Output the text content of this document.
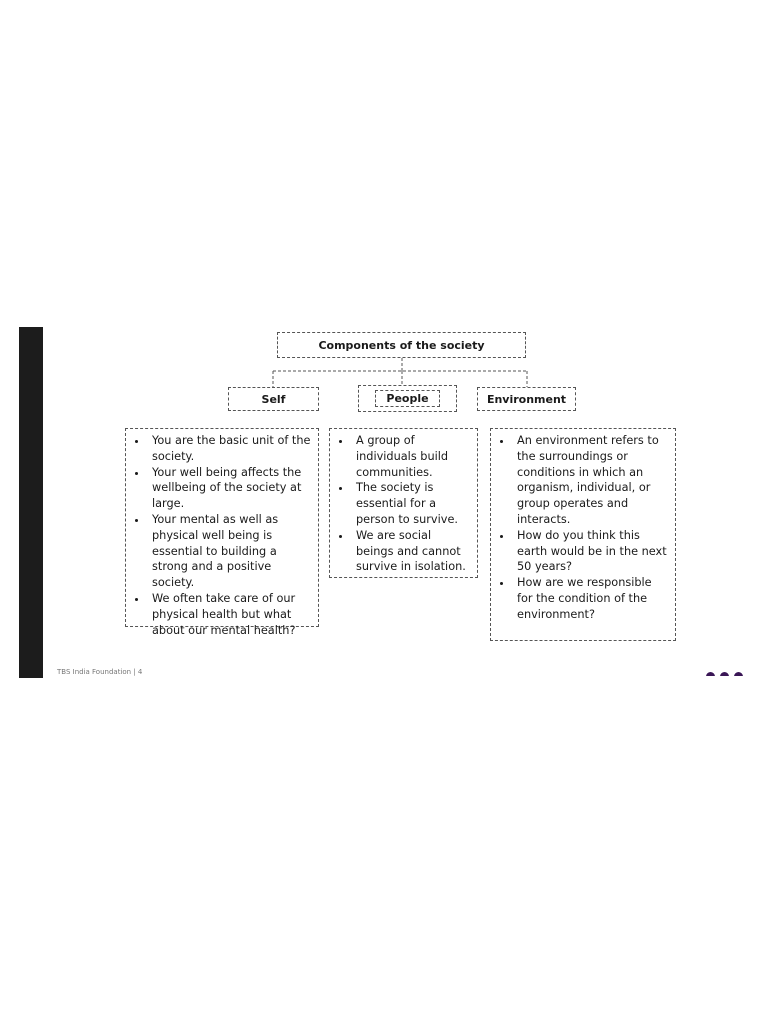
Components of the society
Self	People	Environment
• You are the basic unit of the society.
• Your well being affects the wellbeing of the society at large.
• Your mental as well as physical well being is essential to building a strong and a positive society.
• We often take care of our physical health but what about our mental health?
• A group of individuals build communities.
• The society is essential for a person to survive.
• We are social beings and cannot survive in isolation.
• An environment refers to the surroundings or conditions in which an organism, individual, or group operates and interacts.
• How do you think this earth would be in the next 50 years?
• How are we responsible for the condition of the environment?
TBS India Foundation | 4
